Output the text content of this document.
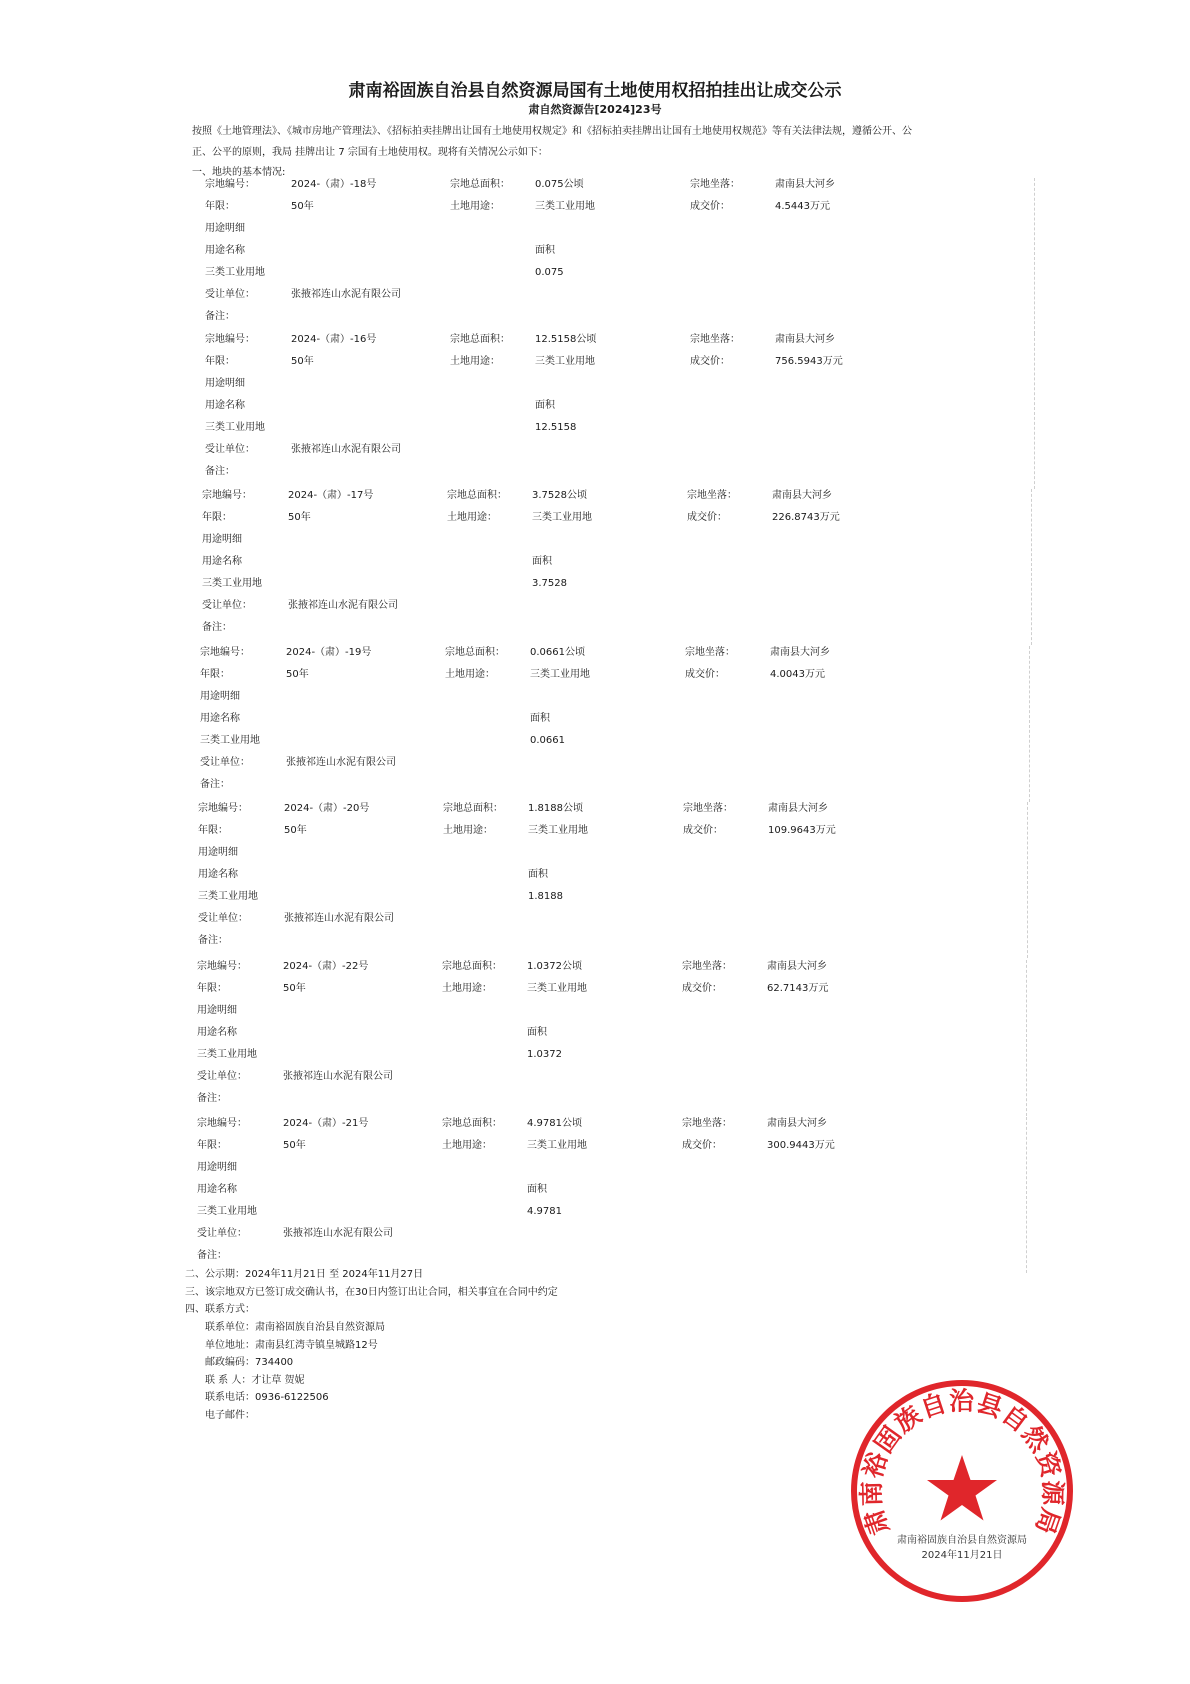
肃南裕固族自治县自然资源局国有土地使用权招拍挂出让成交公示
肃自然资源告[2024]23号
按照《土地管理法》、《城市房地产管理法》、《招标拍卖挂牌出让国有土地使用权规定》和《招标拍卖挂牌出让国有土地使用权规范》等有关法律法规，遵循公开、公
正、公平的原则，我局 挂牌出让 7 宗国有土地使用权。现将有关情况公示如下：
一、地块的基本情况:
宗地编号：	2024-（肃）-18号	宗地总面积：	0.075公顷	宗地坐落：	肃南县大河乡
年限：	50年	土地用途：	三类工业用地	成交价：	4.5443万元
用途明细
用途名称	面积
三类工业用地	0.075
受让单位：	张掖祁连山水泥有限公司
备注：
宗地编号：	2024-（肃）-16号	宗地总面积：	12.5158公顷	宗地坐落：	肃南县大河乡
年限：	50年	土地用途：	三类工业用地	成交价：	756.5943万元
用途明细
用途名称	面积
三类工业用地	12.5158
受让单位：	张掖祁连山水泥有限公司
备注：
宗地编号：	2024-（肃）-17号	宗地总面积：	3.7528公顷	宗地坐落：	肃南县大河乡
年限：	50年	土地用途：	三类工业用地	成交价：	226.8743万元
用途明细
用途名称	面积
三类工业用地	3.7528
受让单位：	张掖祁连山水泥有限公司
备注：
宗地编号：	2024-（肃）-19号	宗地总面积：	0.0661公顷	宗地坐落：	肃南县大河乡
年限：	50年	土地用途：	三类工业用地	成交价：	4.0043万元
用途明细
用途名称	面积
三类工业用地	0.0661
受让单位：	张掖祁连山水泥有限公司
备注：
宗地编号：	2024-（肃）-20号	宗地总面积：	1.8188公顷	宗地坐落：	肃南县大河乡
年限：	50年	土地用途：	三类工业用地	成交价：	109.9643万元
用途明细
用途名称	面积
三类工业用地	1.8188
受让单位：	张掖祁连山水泥有限公司
备注：
宗地编号：	2024-（肃）-22号	宗地总面积：	1.0372公顷	宗地坐落：	肃南县大河乡
年限：	50年	土地用途：	三类工业用地	成交价：	62.7143万元
用途明细
用途名称	面积
三类工业用地	1.0372
受让单位：	张掖祁连山水泥有限公司
备注：
宗地编号：	2024-（肃）-21号	宗地总面积：	4.9781公顷	宗地坐落：	肃南县大河乡
年限：	50年	土地用途：	三类工业用地	成交价：	300.9443万元
用途明细
用途名称	面积
三类工业用地	4.9781
受让单位：	张掖祁连山水泥有限公司
备注：
二、公示期：2024年11月21日 至 2024年11月27日
三、该宗地双方已签订成交确认书，在30日内签订出让合同，相关事宜在合同中约定
四、联系方式：
联系单位：肃南裕固族自治县自然资源局
单位地址：肃南县红湾寺镇皇城路12号
邮政编码：734400
联 系 人：才让草 贺妮
联系电话：0936-6122506
电子邮件：
肃南裕固族自治县自然资源局
肃南裕固族自治县自然资源局
2024年11月21日
